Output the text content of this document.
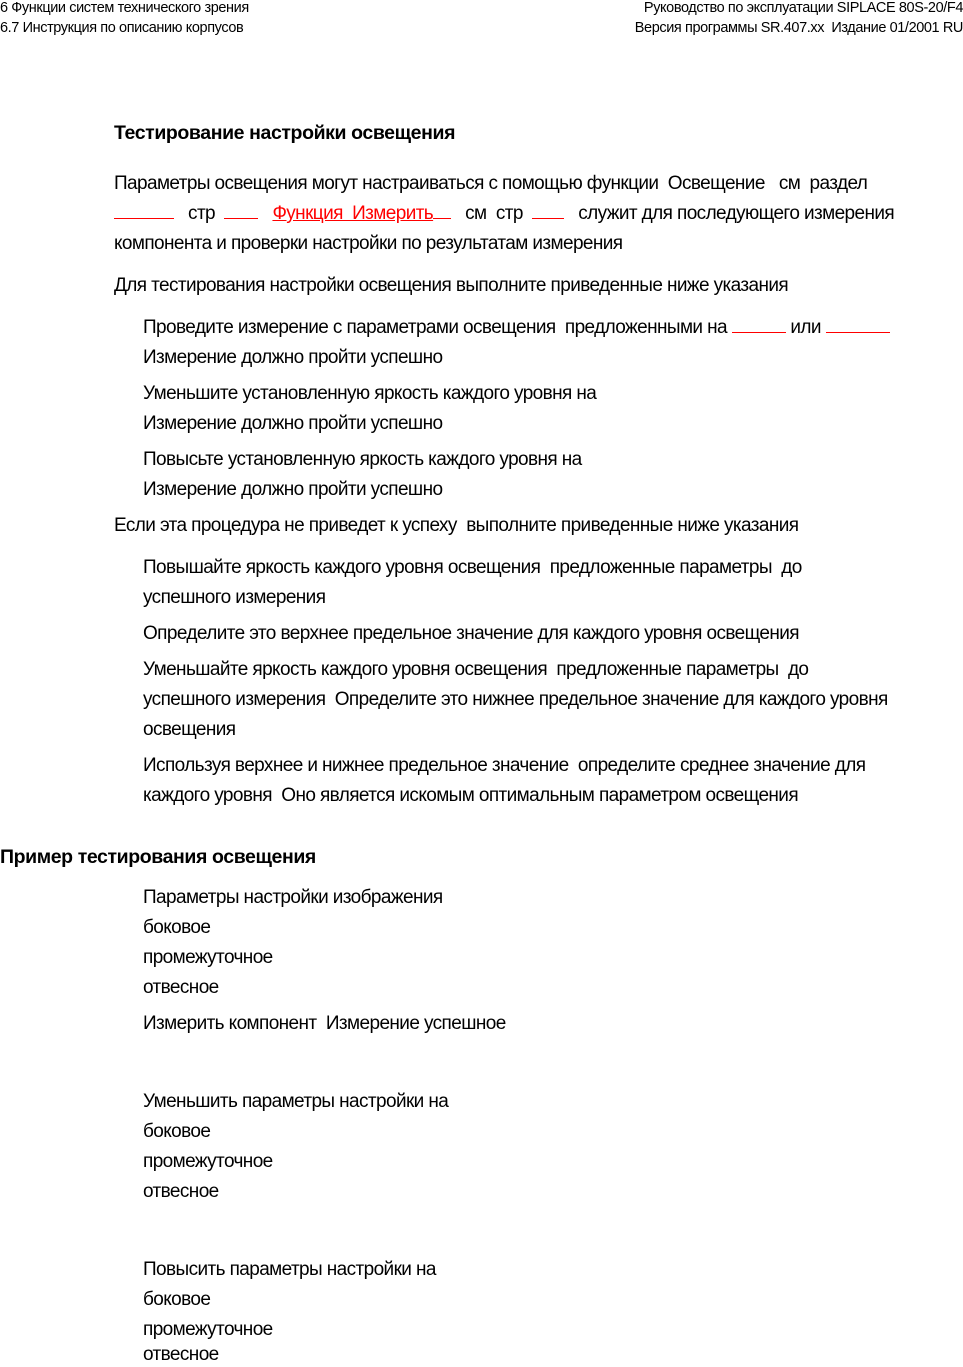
6 Функции систем технического зрения
6.7 Инструкция по описанию корпусов
Руководство по эксплуатации SIPLACE 80S-20/F4
Версия программы SR.407.xx  Издание 01/2001 RU
Тестирование настройки освещения
Параметры освещения могут настраиваться с помощью функции  Освещение   см  раздел
стр	Функция  Измерить см  стр	служит для последующего измерения
компонента и проверки настройки по результатам измерения
Для тестирования настройки освещения выполните приведенные ниже указания
Проведите измерение с параметрами освещения  предложенными на	или
Измерение должно пройти успешно
Уменьшите установленную яркость каждого уровня на
Измерение должно пройти успешно
Повысьте установленную яркость каждого уровня на
Измерение должно пройти успешно
Если эта процедура не приведет к успеху  выполните приведенные ниже указания
Повышайте яркость каждого уровня освещения  предложенные параметры  до
успешного измерения
Определите это верхнее предельное значение для каждого уровня освещения
Уменьшайте яркость каждого уровня освещения  предложенные параметры  до
успешного измерения  Определите это нижнее предельное значение для каждого уровня
освещения
Используя верхнее и нижнее предельное значение  определите среднее значение для
каждого уровня  Оно является искомым оптимальным параметром освещения
Пример тестирования освещения
Параметры настройки изображения
боковое
промежуточное
отвесное
Измерить компонент  Измерение успешное
Уменьшить параметры настройки на
боковое
промежуточное
отвесное
Повысить параметры настройки на
боковое
промежуточное
отвесное
